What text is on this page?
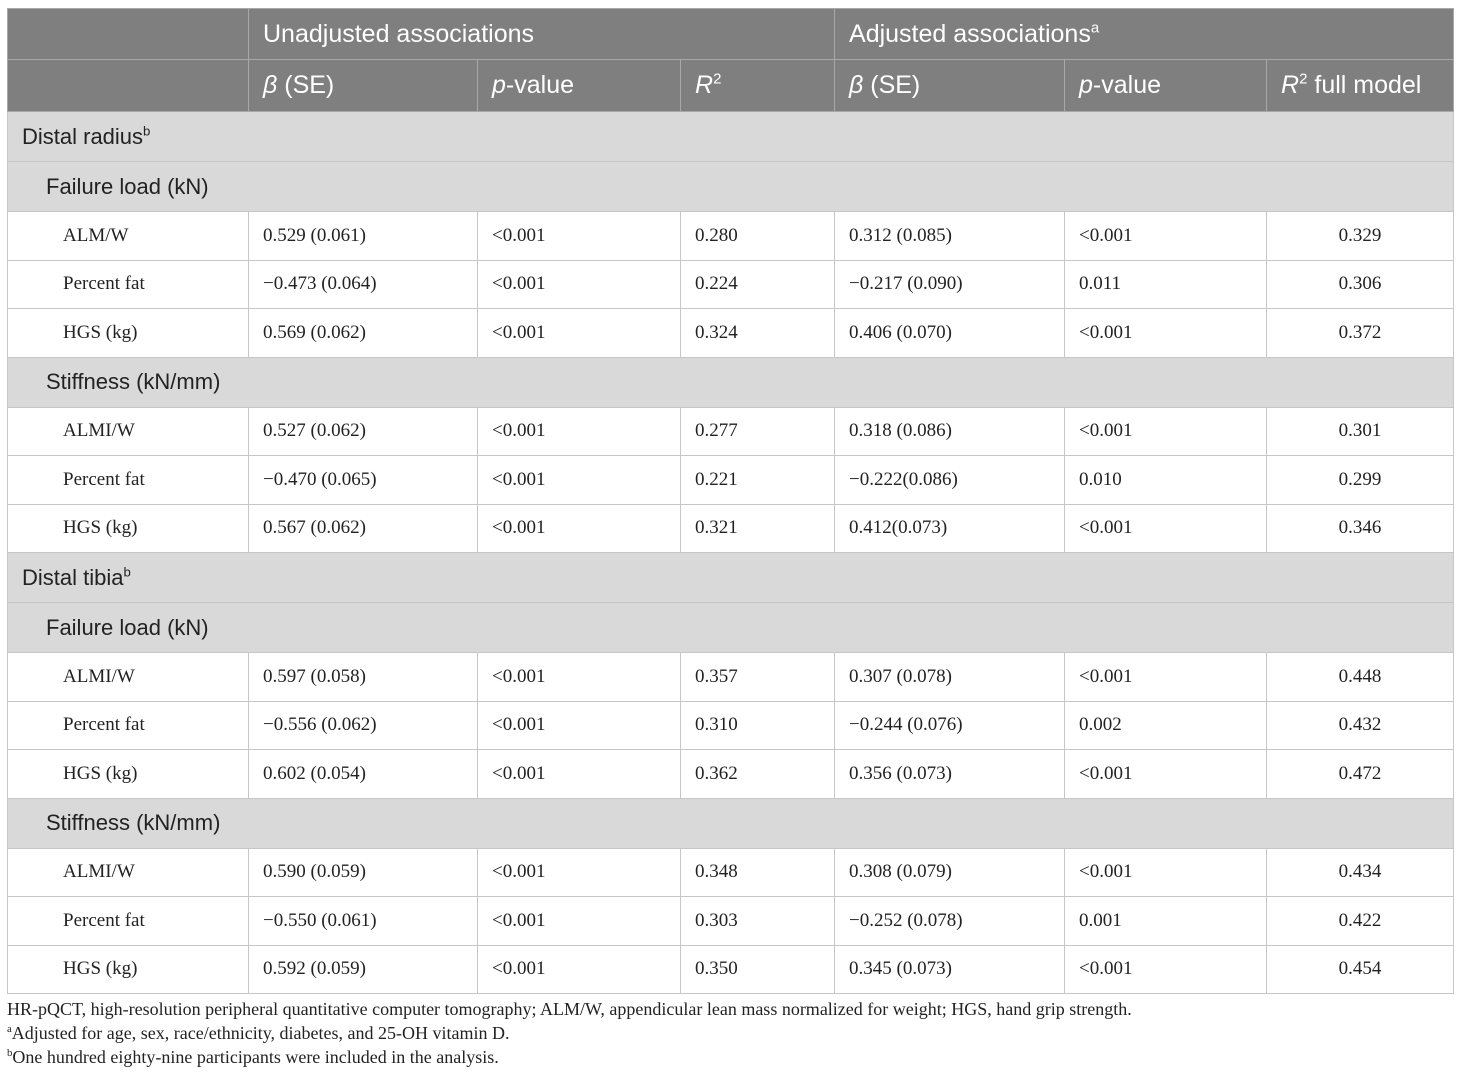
	Unadjusted associations			Adjusted associations$^a$
	β (SE)	p-value	$R^2$	β (SE)	p-value	$R^2$ full model
Distal radius$^b$
Failure load (kN)						
ALM/W	0.529 (0.061)	<0.001	0.280	0.312 (0.085)	<0.001	0.329
Percent fat	−0.473 (0.064)	<0.001	0.224	−0.217 (0.090)	0.011	0.306
HGS (kg)	0.569 (0.062)	<0.001	0.324	0.406 (0.070)	<0.001	0.372
Stiffness (kN/mm)						
ALMI/W	0.527 (0.062)	<0.001	0.277	0.318 (0.086)	<0.001	0.301
Percent fat	−0.470 (0.065)	<0.001	0.221	−0.222(0.086)	0.010	0.299
HGS (kg)	0.567 (0.062)	<0.001	0.321	0.412(0.073)	<0.001	0.346
Distal tibia$^b$
Failure load (kN)						
ALMI/W	0.597 (0.058)	<0.001	0.357	0.307 (0.078)	<0.001	0.448
Percent fat	−0.556 (0.062)	<0.001	0.310	−0.244 (0.076)	0.002	0.432
HGS (kg)	0.602 (0.054)	<0.001	0.362	0.356 (0.073)	<0.001	0.472
Stiffness (kN/mm)						
ALMI/W	0.590 (0.059)	<0.001	0.348	0.308 (0.079)	<0.001	0.434
Percent fat	−0.550 (0.061)	<0.001	0.303	−0.252 (0.078)	0.001	0.422
HGS (kg)	0.592 (0.059)	<0.001	0.350	0.345 (0.073)	<0.001	0.454

HR-pQCT, high-resolution peripheral quantitative computer tomography; ALM/W, appendicular lean mass normalized for weight; HGS, hand grip strength.

$^a$Adjusted for age, sex, race/ethnicity, diabetes, and 25-OH vitamin D.

$^b$One hundred eighty-nine participants were included in the analysis.
